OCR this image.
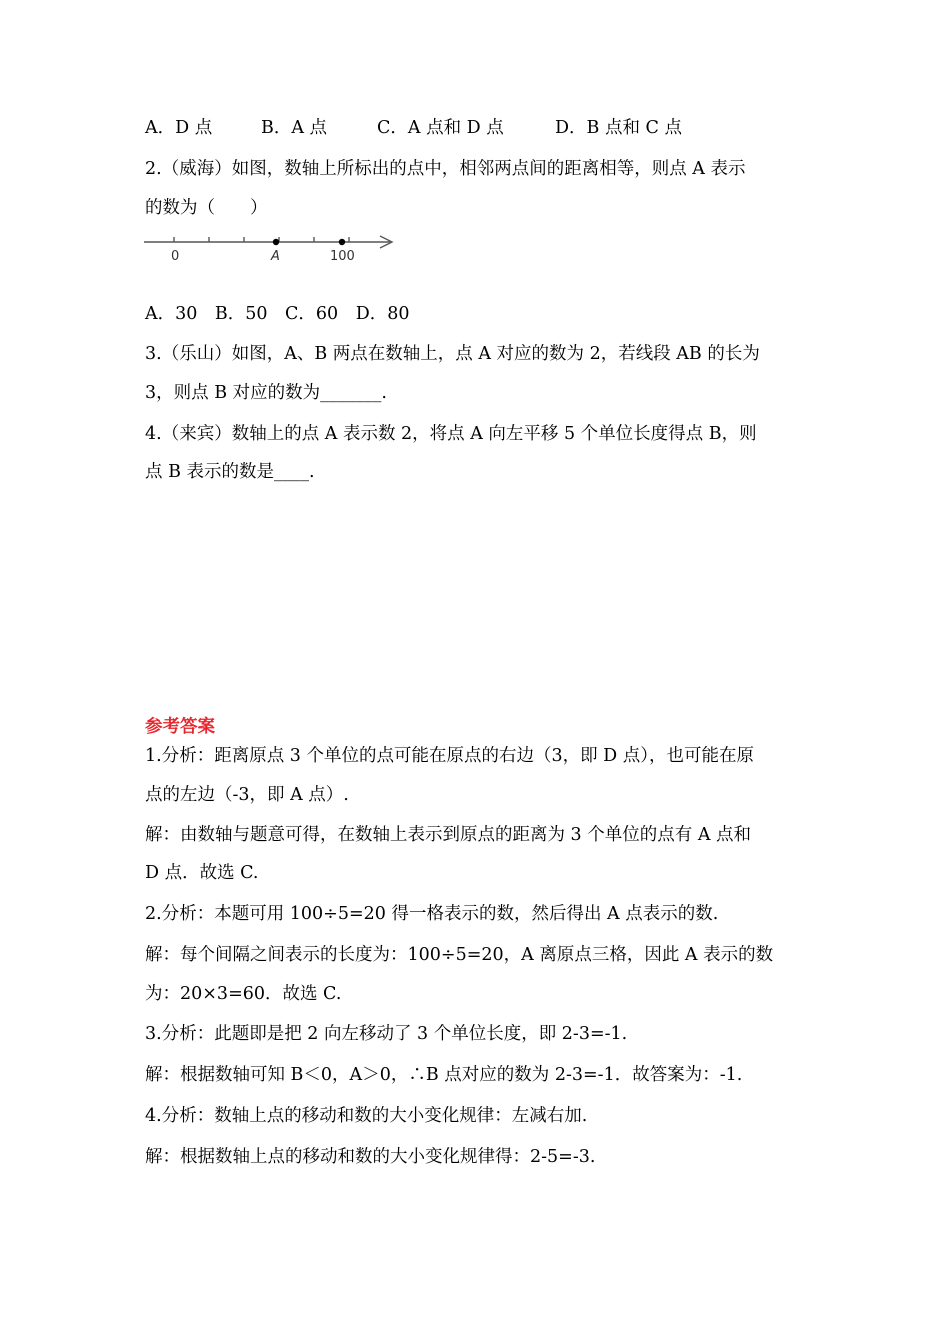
A．D 点	B．A 点	C．A 点和 D 点	D．B 点和 C 点
2.（威海）如图，数轴上所标出的点中，相邻两点间的距离相等，则点 A 表示
的数为（　　）
0	A	100
A．30　B．50　C．60　D．80
3.（乐山）如图，A、B 两点在数轴上，点 A 对应的数为 2，若线段 AB 的长为
3，则点 B 对应的数为_______.
4.（来宾）数轴上的点 A 表示数 2，将点 A 向左平移 5 个单位长度得点 B，则
点 B 表示的数是____.
参考答案
1.分析：距离原点 3 个单位的点可能在原点的右边（3，即 D 点），也可能在原
点的左边（-3，即 A 点）.
解：由数轴与题意可得，在数轴上表示到原点的距离为 3 个单位的点有 A 点和
D 点．故选 C.
2.分析：本题可用 100÷5=20 得一格表示的数，然后得出 A 点表示的数.
解：每个间隔之间表示的长度为：100÷5=20，A 离原点三格，因此 A 表示的数
为：20×3=60．故选 C.
3.分析：此题即是把 2 向左移动了 3 个单位长度，即 2-3=-1.
解：根据数轴可知 B＜0，A＞0，∴B 点对应的数为 2-3=-1．故答案为：-1.
4.分析：数轴上点的移动和数的大小变化规律：左减右加.
解：根据数轴上点的移动和数的大小变化规律得：2-5=-3.
